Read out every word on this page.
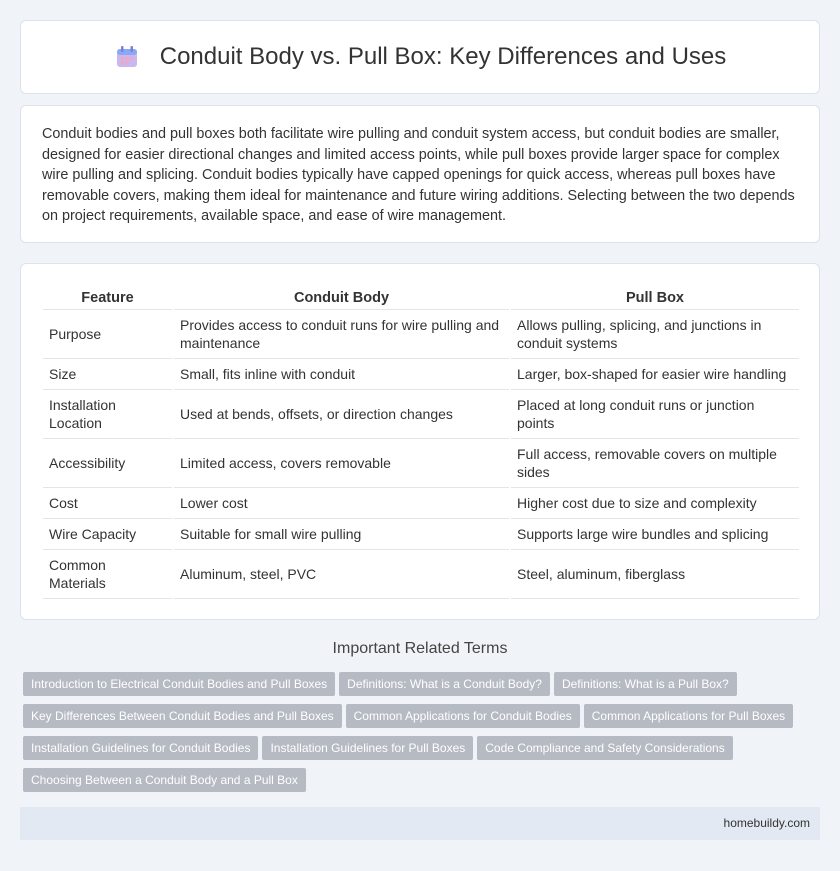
Conduit Body vs. Pull Box: Key Differences and Uses

Conduit bodies and pull boxes both facilitate wire pulling and conduit system access, but conduit bodies are smaller, designed for easier directional changes and limited access points, while pull boxes provide larger space for complex wire pulling and splicing. Conduit bodies typically have capped openings for quick access, whereas pull boxes have removable covers, making them ideal for maintenance and future wiring additions. Selecting between the two depends on project requirements, available space, and ease of wire management.

Feature	Conduit Body	Pull Box
Purpose	Provides access to conduit runs for wire pulling and maintenance	Allows pulling, splicing, and junctions in conduit systems
Size	Small, fits inline with conduit	Larger, box-shaped for easier wire handling
Installation Location	Used at bends, offsets, or direction changes	Placed at long conduit runs or junction points
Accessibility	Limited access, covers removable	Full access, removable covers on multiple sides
Cost	Lower cost	Higher cost due to size and complexity
Wire Capacity	Suitable for small wire pulling	Supports large wire bundles and splicing
Common Materials	Aluminum, steel, PVC	Steel, aluminum, fiberglass
Important Related Terms
Introduction to Electrical Conduit Bodies and Pull Boxes Definitions: What is a Conduit Body? Definitions: What is a Pull Box?
Key Differences Between Conduit Bodies and Pull Boxes Common Applications for Conduit Bodies Common Applications for Pull Boxes
Installation Guidelines for Conduit Bodies Installation Guidelines for Pull Boxes Code Compliance and Safety Considerations
Choosing Between a Conduit Body and a Pull Box
homebuildy.com
